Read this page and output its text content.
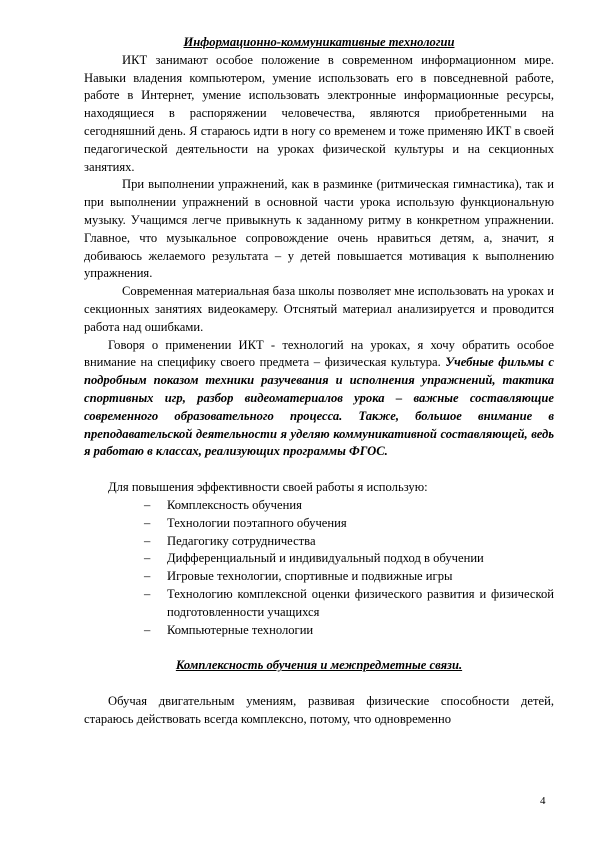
Информационно-коммуникативные технологии

ИКТ занимают особое положение в современном информационном мире. Навыки владения компьютером, умение использовать его в повседневной работе, работе в Интернет, умение использовать электронные информационные ресурсы, находящиеся в распоряжении человечества, являются приобретенными на сегодняшний день. Я стараюсь идти в ногу со временем и тоже применяю ИКТ в своей педагогической деятельности на уроках физической культуры и на секционных занятиях.

При выполнении упражнений, как в разминке (ритмическая гимнастика), так и при выполнении упражнений в основной части урока использую функциональную музыку. Учащимся легче привыкнуть к заданному ритму в конкретном упражнении. Главное, что музыкальное сопровождение очень нравиться детям, а, значит, я добиваюсь желаемого результата – у детей повышается мотивация к выполнению упражнения.

Современная материальная база школы позволяет мне использовать на уроках и секционных занятиях видеокамеру. Отснятый материал анализируется и проводится работа над ошибками.

Говоря о применении ИКТ - технологий на уроках, я хочу обратить особое внимание на специфику своего предмета – физическая культура. Учебные фильмы с подробным показом техники разучевания и исполнения упражнений, тактика спортивных игр, разбор видеоматериалов урока – важные составляющие современного образовательного процесса. Также, большое внимание в преподавательской деятельности я уделяю коммуникативной составляющей, ведь я работаю в классах, реализующих программы ФГОС.

Для повышения эффективности своей работы я использую:

– Комплексность обучения
– Технологии поэтапного обучения
– Педагогику сотрудничества
– Дифференциальный и индивидуальный подход в обучении
– Игровые технологии, спортивные и подвижные игры
– Технологию комплексной оценки физического развития и физической подготовленности учащихся
– Компьютерные технологии

Комплексность обучения и межпредметные связи.

Обучая двигательным умениям, развивая физические способности детей, стараюсь действовать всегда комплексно, потому, что одновременно

4
